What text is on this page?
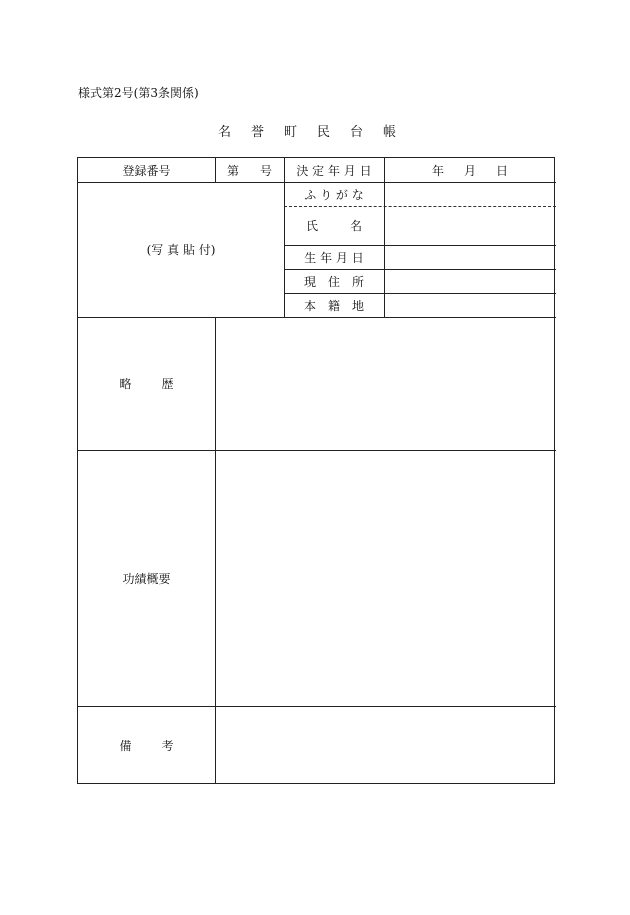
様式第2号(第3条関係)
名	誉	町	民	台	帳
登録番号	第 号	決 定 年 月 日	年 月 日
(写 真 貼 付)
ふ り が な
氏	名
生 年 月 日
現　住　所
本　籍　地
略	歴
功績概要
備	考
